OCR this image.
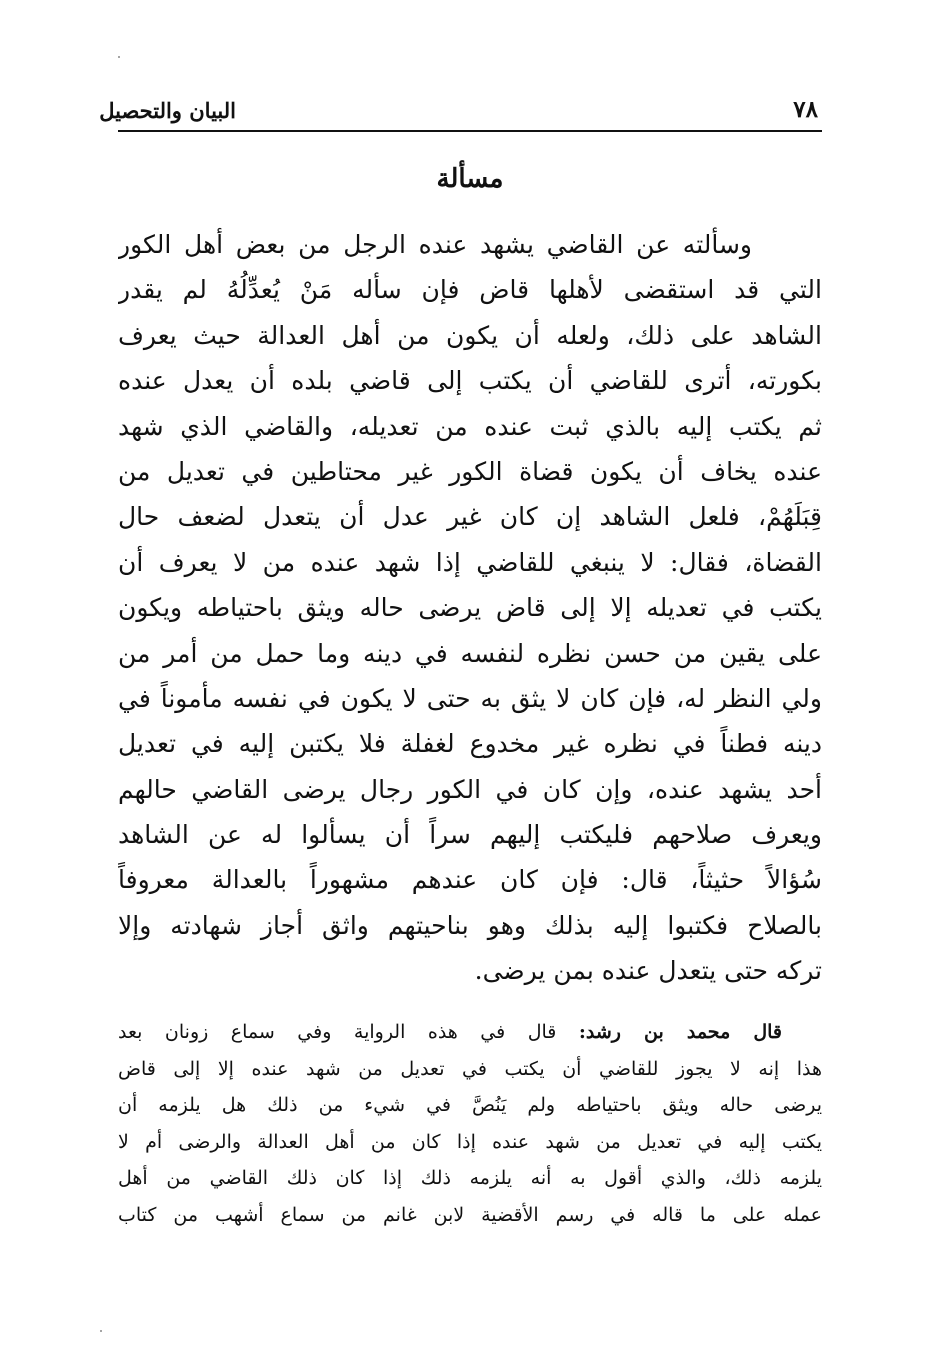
٧٨
البيان والتحصيل
مسألة
وسألته عن القاضي يشهد عنده الرجل من بعض أهل الكور
التي قد استقضى لأهلها قاض فإن سأله مَنْ يُعدِّلُهُ لم يقدر
الشاهد على ذلك، ولعله أن يكون من أهل العدالة حيث يعرف
بكورته، أترى للقاضي أن يكتب إلى قاضي بلده أن يعدل عنده
ثم يكتب إليه بالذي ثبت عنده من تعديله، والقاضي الذي شهد
عنده يخاف أن يكون قضاة الكور غير محتاطين في تعديل من
قِبَلَهُمْ، فلعل الشاهد إن كان غير عدل أن يتعدل لضعف حال
القضاة، فقال: لا ينبغي للقاضي إذا شهد عنده من لا يعرف أن
يكتب في تعديله إلا إلى قاض يرضى حاله ويثق باحتياطه ويكون
على يقين من حسن نظره لنفسه في دينه وما حمل من أمر من
ولي النظر له، فإن كان لا يثق به حتى لا يكون في نفسه مأموناً في
دينه فطناً في نظره غير مخدوع لغفلة فلا يكتبن إليه في تعديل
أحد يشهد عنده، وإن كان في الكور رجال يرضى القاضي حالهم
ويعرف صلاحهم فليكتب إليهم سراً أن يسألوا له عن الشاهد
سُؤالاً حثيثاً، قال: فإن كان عندهم مشهوراً بالعدالة معروفاً
بالصلاح فكتبوا إليه بذلك وهو بناحيتهم واثق أجاز شهادته وإلا
تركه حتى يتعدل عنده بمن يرضى.
قال محمد بن رشد: قال في هذه الرواية وفي سماع زونان بعد
هذا إنه لا يجوز للقاضي أن يكتب في تعديل من شهد عنده إلا إلى قاض
يرضى حاله ويثق باحتياطه ولم يَنُصَّ في شيء من ذلك هل يلزمه أن
يكتب إليه في تعديل من شهد عنده إذا كان من أهل العدالة والرضى أم لا
يلزمه ذلك، والذي أقول به أنه يلزمه ذلك إذا كان ذلك القاضي من أهل
عمله على ما قاله في رسم الأقضية لابن غانم من سماع أشهب من كتاب
